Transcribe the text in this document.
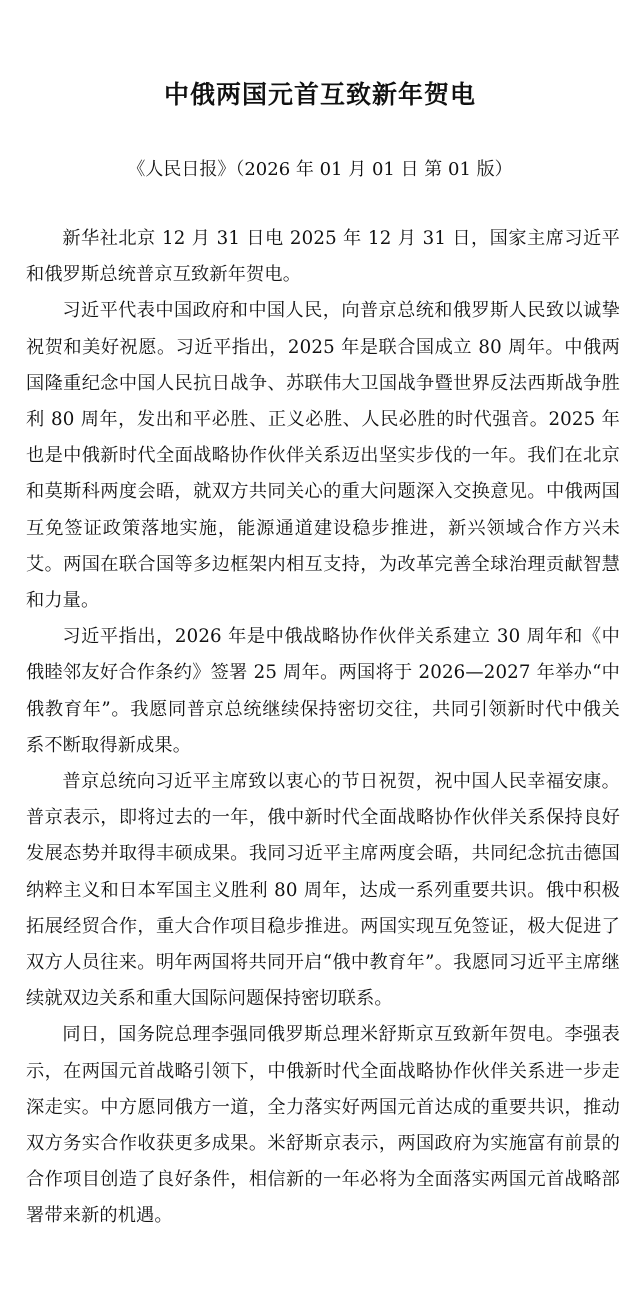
中俄两国元首互致新年贺电

《人民日报》（2026 年 01 月 01 日 第 01 版）

新华社北京 12 月 31 日电 2025 年 12 月 31 日，国家主席习近平和俄罗斯总统普京互致新年贺电。

习近平代表中国政府和中国人民，向普京总统和俄罗斯人民致以诚挚祝贺和美好祝愿。习近平指出，2025 年是联合国成立 80 周年。中俄两国隆重纪念中国人民抗日战争、苏联伟大卫国战争暨世界反法西斯战争胜利 80 周年，发出和平必胜、正义必胜、人民必胜的时代强音。2025 年也是中俄新时代全面战略协作伙伴关系迈出坚实步伐的一年。我们在北京和莫斯科两度会晤，就双方共同关心的重大问题深入交换意见。中俄两国互免签证政策落地实施，能源通道建设稳步推进，新兴领域合作方兴未艾。两国在联合国等多边框架内相互支持，为改革完善全球治理贡献智慧和力量。

习近平指出，2026 年是中俄战略协作伙伴关系建立 30 周年和《中俄睦邻友好合作条约》签署 25 周年。两国将于 2026—2027 年举办“中俄教育年”。我愿同普京总统继续保持密切交往，共同引领新时代中俄关系不断取得新成果。

普京总统向习近平主席致以衷心的节日祝贺，祝中国人民幸福安康。普京表示，即将过去的一年，俄中新时代全面战略协作伙伴关系保持良好发展态势并取得丰硕成果。我同习近平主席两度会晤，共同纪念抗击德国纳粹主义和日本军国主义胜利 80 周年，达成一系列重要共识。俄中积极拓展经贸合作，重大合作项目稳步推进。两国实现互免签证，极大促进了双方人员往来。明年两国将共同开启“俄中教育年”。我愿同习近平主席继续就双边关系和重大国际问题保持密切联系。

同日，国务院总理李强同俄罗斯总理米舒斯京互致新年贺电。李强表示，在两国元首战略引领下，中俄新时代全面战略协作伙伴关系进一步走深走实。中方愿同俄方一道，全力落实好两国元首达成的重要共识，推动双方务实合作收获更多成果。米舒斯京表示，两国政府为实施富有前景的合作项目创造了良好条件，相信新的一年必将为全面落实两国元首战略部署带来新的机遇。
